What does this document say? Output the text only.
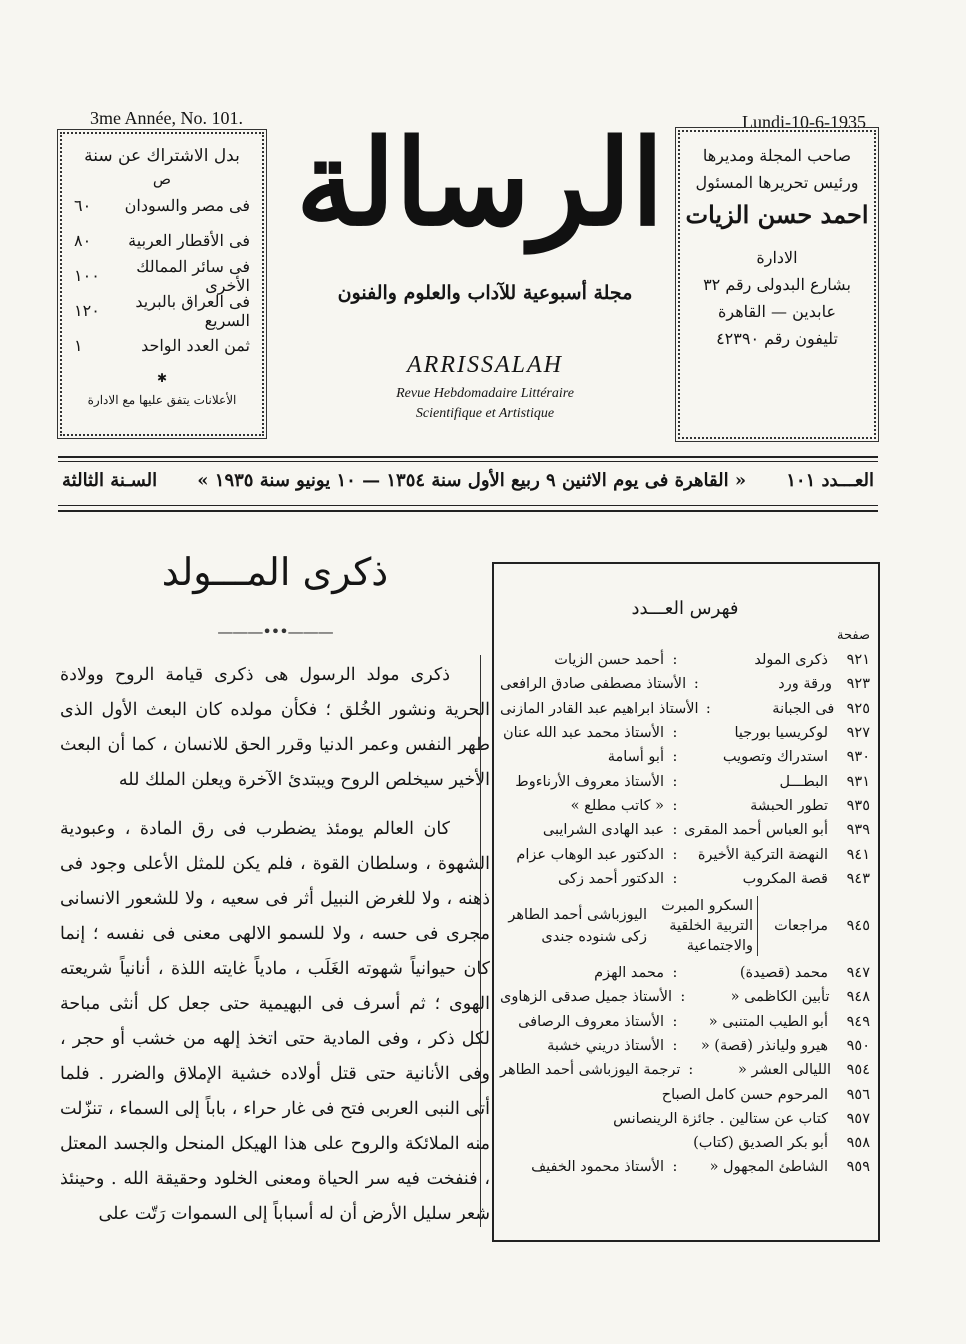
3me Année, No. 101.	Lundi-10-6-1935
بدل الاشتراك عن سنة
ص
فى مصر والسودان
٦٠
فى الأقطار العربية
٨٠
فى سائر الممالك الأخرى
١٠٠
فى العراق بالبريد السريع
١٢٠
ثمن العدد الواحد
١
✱
الأعلانات يتفق عليها مع الادارة
الرسالة
مجلة أسبوعية للآداب والعلوم والفنون
ARRISSALAH
Revue Hebdomadaire Littéraire
Scientifique et Artistique
صاحب المجلة ومديرها
ورئيس تحريرها المسئول
احمد حسن الزيات
الادارة
بشارع البدولى رقم ٣٢
عابدين — القاهرة
تليفون رقم ٤٢٣٩٠
العـــدد ١٠١
« القاهرة فى يوم الاثنين ٩ ربيع الأول سنة ١٣٥٤ — ١٠ يونيو سنة ١٩٣٥ »
السـنة الثالثة
ذكرى المـــولد
———•••———

ذكرى مولد الرسول هى ذكرى قيامة الروح وولادة الحرية ونشور الخُلق ؛ فكأن مولده كان البعث الأول الذى طهر النفس وعمر الدنيا وقرر الحق للانسان ، كما أن البعث الأخير سيخلص الروح ويبتدئ الآخرة ويعلن الملك لله

كان العالم يومئذ يضطرب فى رق المادة ، وعبودية الشهوة ، وسلطان القوة ، فلم يكن للمثل الأعلى وجود فى ذهنه ، ولا للغرض النبيل أثر فى سعيه ، ولا للشعور الانسانى مجرى فى حسه ، ولا للسمو الالهى معنى فى نفسه ؛ إنما كان حيوانياً شهوته الغَلَب ، مادياً غايته اللذة ، أنانياً شريعته الهوى ؛ ثم أسرف فى البهيمية حتى جعل كل أنثى مباحة لكل ذكر ، وفى المادية حتى اتخذ إلهه من خشب أو حجر ، وفى الأنانية حتى قتل أولاده خشية الإملاق والضرر . فلما أتى النبى العربى فتح فى غار حراء ، باباً إلى السماء ، تنزّلت منه الملائكة والروح على هذا الهيكل المنحل والجسد المعتل ، فنفخت فيه سر الحياة ومعنى الخلود وحقيقة الله . وحينئذ شعر سليل الأرض أن له أسباباً إلى السموات رَتّت على

فهرس العـــدد
صفحة
٩٢١
ذكرى المولد
:
أحمد حسن الزيات
٩٢٣
ورقة ورد
:
الأستاذ مصطفى صادق الرافعى
٩٢٥
فى الجبانة
:
الأستاذ ابراهيم عبد القادر المازنى
٩٢٧
لوكريسيا بورجيا
:
الأستاذ محمد عبد الله عنان
٩٣٠
استدراك وتصويب
:
أبو أسامة
٩٣١
البطـــل
:
الأستاذ معروف الأرناءوط
٩٣٥
تطور الحبشة
:
« كاتب مطلع »
٩٣٩
أبو العباس أحمد المقرى
:
عبد الهادى الشرايبى
٩٤١
النهضة التركية الأخيرة
:
الدكتور عبد الوهاب عزام
٩٤٣
قصة المكروب
:
الدكتور أحمد زكى
٩٤٥
مراجعات
السكرو المبرت
التربية الخلقية والاجتماعية
اليوزباشى أحمد الطاهر
زكى شنوده جندى
٩٤٧
محمد (قصيدة)
:
محمد الهزم
٩٤٨
تأبين الكاظمى «
:
الأستاذ جميل صدقى الزهاوى
٩٤٩
أبو الطيب المتنبى «
:
الأستاذ معروف الرصافى
٩٥٠
هيرو وليانذر (قصة) «
:
الأستاذ دريني خشبة
٩٥٤
الليالى العشر «
:
ترجمة اليوزباشى أحمد الطاهر
٩٥٦
المرحوم حسن كامل الصباح
٩٥٧
كتاب عن ستالين . جائزة الرينصانس
٩٥٨
أبو بكر الصديق (كتاب)
٩٥٩
الشاطئ المجهول «
:
الأستاذ محمود الخفيف
